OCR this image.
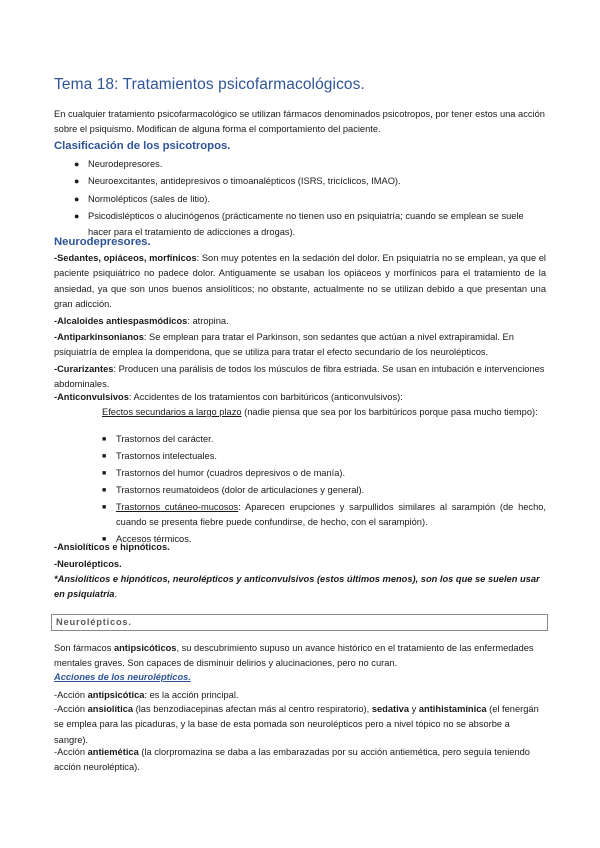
Tema 18: Tratamientos psicofarmacológicos.
En cualquier tratamiento psicofarmacológico se utilizan fármacos denominados psicotropos, por tener estos una acción sobre el psiquismo. Modifican de alguna forma el comportamiento del paciente.
Clasificación de los psicotropos.
● Neurodepresores.
● Neuroexcitantes, antidepresivos o timoanalépticos (ISRS, tricíclicos, IMAO).
● Normolépticos (sales de litio).
● Psicodislépticos o alucinógenos (prácticamente no tienen uso en psiquiatría; cuando se emplean se suele hacer para el tratamiento de adicciones a drogas).
Neurodepresores.
-Sedantes, opiáceos, morfínicos: Son muy potentes en la sedación del dolor. En psiquiatría no se emplean, ya que el paciente psiquiátrico no padece dolor. Antiguamente se usaban los opiáceos y morfínicos para el tratamiento de la ansiedad, ya que son unos buenos ansiolíticos; no obstante, actualmente no se utilizan debido a que presentan una gran adicción.
-Alcaloides antiespasmódicos: atropina.
-Antiparkinsonianos: Se emplean para tratar el Parkinson, son sedantes que actúan a nivel extrapiramidal. En psiquiatría de emplea la domperidona, que se utiliza para tratar el efecto secundario de los neurolépticos.
-Curarizantes: Producen una parálisis de todos los músculos de fibra estriada. Se usan en intubación e intervenciones abdominales.
-Anticonvulsivos: Accidentes de los tratamientos con barbitúricos (anticonvulsivos):
Efectos secundarios a largo plazo (nadie piensa que sea por los barbitúricos porque pasa mucho tiempo):
■ Trastornos del carácter.
■ Trastornos intelectuales.
■ Trastornos del humor (cuadros depresivos o de manía).
■ Trastornos reumatoideos (dolor de articulaciones y general).
■ Trastornos cutáneo-mucosos: Aparecen erupciones y sarpullidos similares al sarampión (de hecho, cuando se presenta fiebre puede confundirse, de hecho, con el sarampión).
■ Accesos térmicos.
-Ansiolíticos e hipnóticos.
-Neurolépticos.
*Ansiolíticos e hipnóticos, neurolépticos y anticonvulsivos (estos últimos menos), son los que se suelen usar en psiquiatría.
Neurolépticos.
Son fármacos antipsicóticos, su descubrimiento supuso un avance histórico en el tratamiento de las enfermedades mentales graves. Son capaces de disminuir delirios y alucinaciones, pero no curan.
Acciones de los neurolépticos.
-Acción antipsicótica: es la acción principal.
-Acción ansiolítica (las benzodiacepinas afectan más al centro respiratorio), sedativa y antihistamínica (el fenergán se emplea para las picaduras, y la base de esta pomada son neurolépticos pero a nivel tópico no se absorbe a sangre).
-Acción antiemética (la clorpromazina se daba a las embarazadas por su acción antiemética, pero seguía teniendo acción neuroléptica).
